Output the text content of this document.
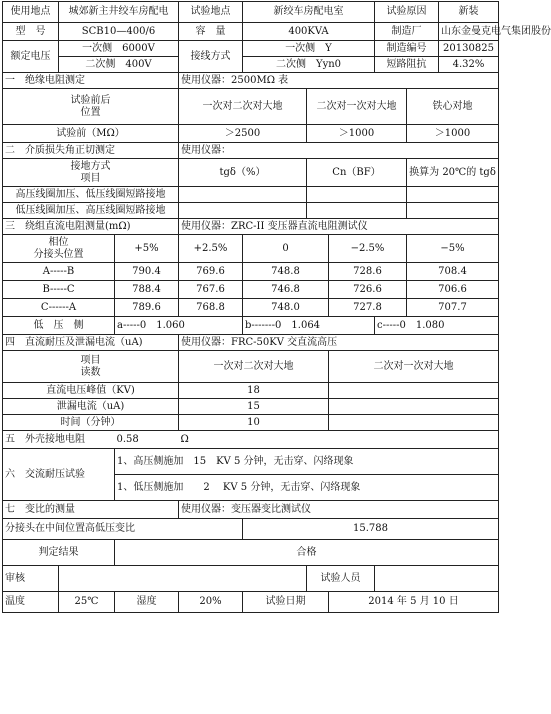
使用地点	城郊新主井绞车房配电		试验地点	新绞车房配电室			试验原因		新装
型　号	SCB10—400/6		容　量	400KVA			制造厂		山东金曼克电气集团股份
额定电压	一次侧　6000V		接线方式	一次侧　Y			制造编号		20130825
	二次侧　400V			二次侧　Yyn0			短路阻抗		4.32%
一　绝缘电阻测定			使用仪器：2500MΩ 表						

试验前后
位置			一次对二次对大地		二次对一次对大地			铁心对地	
试验前（MΩ）			＞2500		＞1000			＞1000	
二　介质损失角正切测定			使用仪器：						

接地方式
项目			tgδ（%）		Cn（BF）			换算为 20℃的 tgδ	
高压线圈加压、低压线圈短路接地									
低压线圈加压、高压线圈短路接地									
三　绕组直流电阻测量(mΩ)			使用仪器：ZRC-II 变压器直流电阻测试仪						

相位
分接头位置		+5%	+2.5%	0		−2.5%		−5%	
A-----B		790.4	769.6	748.8		728.6		708.4	
B-----C		788.4	767.6	746.8		726.6		706.6	
C------A		789.6	768.8	748.0		727.8		707.7	
低　压　侧		a-----0　1.060		b-------0　1.064			c-----0　1.080		
四　直流耐压及泄漏电流（uA)			使用仪器：FRC-50KV 交直流高压						

项目
读数			一次对二次对大地			二次对一次对大地			
直流电压峰值（KV)			18						
泄漏电流（uA)			15						
时间（分钟）			10						
五　外壳接地电阻		0.58	Ω						
六　交流耐压试验		1、高压侧施加　15　KV 5 分钟，无击穿、闪络现象							
		1、低压侧施加　　2　 KV 5 分钟，无击穿、闪络现象							
七　变比的测量			使用仪器：变压器变比测试仪						
分接头在中间位置高低压变比				15.788					
判定结果		合格							
审核					试验人员				
温度	25℃	湿度	20%	试验日期		2014 年 5 月 10 日			
